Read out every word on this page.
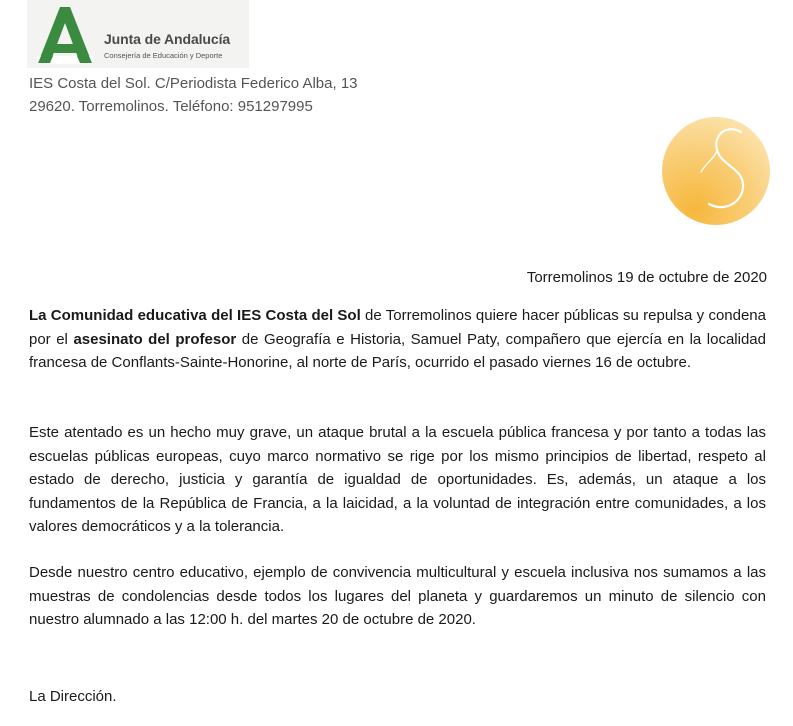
Junta de Andalucía
Consejería de Educación y Deporte
IES Costa del Sol. C/Periodista Federico Alba, 13
29620. Torremolinos. Teléfono: 951297995
Torremolinos 19 de octubre de 2020
La Comunidad educativa del IES Costa del Sol de Torremolinos quiere hacer públicas su repulsa y condena por el asesinato del profesor de Geografía e Historia, Samuel Paty, compañero que ejercía en la localidad francesa de Conflants-Sainte-Honorine, al norte de París, ocurrido el pasado viernes 16 de octubre.
Este atentado es un hecho muy grave, un ataque brutal a la escuela pública francesa y por tanto a todas las escuelas públicas europeas, cuyo marco normativo se rige por los mismo principios de libertad, respeto al estado de derecho, justicia y garantía de igualdad de oportunidades. Es, además, un ataque a los fundamentos de la República de Francia, a la laicidad, a la voluntad de integración entre comunidades, a los valores democráticos y a la tolerancia.
Desde nuestro centro educativo, ejemplo de convivencia multicultural y escuela inclusiva nos sumamos a las muestras de condolencias desde todos los lugares del planeta y guardaremos un minuto de silencio con nuestro alumnado a las 12:00 h. del martes 20 de octubre de 2020.
La Dirección.
